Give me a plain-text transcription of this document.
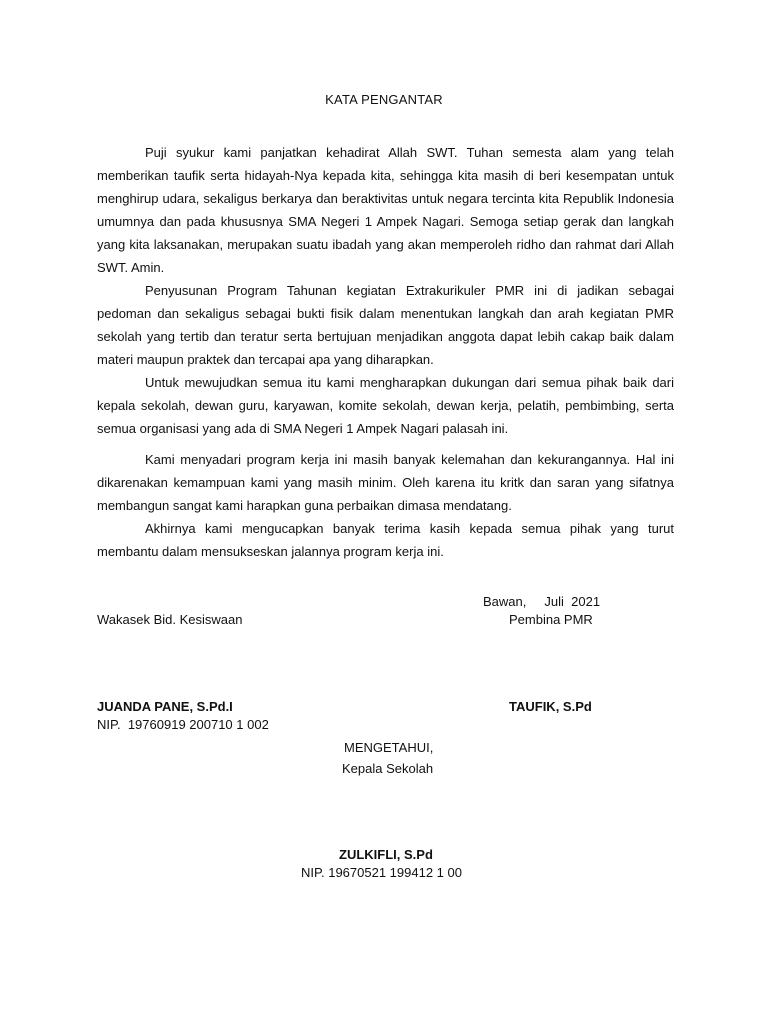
KATA PENGANTAR

Puji syukur kami panjatkan kehadirat Allah SWT. Tuhan semesta alam yang telah memberikan taufik serta hidayah-Nya kepada kita, sehingga kita masih di beri kesempatan untuk menghirup udara, sekaligus berkarya dan beraktivitas untuk negara tercinta kita Republik Indonesia umumnya dan pada khususnya SMA Negeri 1 Ampek Nagari. Semoga setiap gerak dan langkah yang kita laksanakan, merupakan suatu ibadah yang akan memperoleh ridho dan rahmat dari Allah SWT. Amin.

Penyusunan Program Tahunan kegiatan Extrakurikuler PMR ini di jadikan sebagai pedoman dan sekaligus sebagai bukti fisik dalam menentukan langkah dan arah kegiatan PMR sekolah yang tertib dan teratur serta bertujuan menjadikan anggota dapat lebih cakap baik dalam materi maupun praktek dan tercapai apa yang diharapkan.

Untuk mewujudkan semua itu kami mengharapkan dukungan dari semua pihak baik dari kepala sekolah, dewan guru, karyawan, komite sekolah, dewan kerja, pelatih, pembimbing, serta semua organisasi yang ada di SMA Negeri 1 Ampek Nagari palasah ini.

Kami menyadari program kerja ini masih banyak kelemahan dan kekurangannya. Hal ini dikarenakan kemampuan kami yang masih minim. Oleh karena itu kritk dan saran yang sifatnya membangun sangat kami harapkan guna perbaikan dimasa mendatang.

Akhirnya kami mengucapkan banyak terima kasih kepada semua pihak yang turut membantu dalam mensukseskan jalannya program kerja ini.

Bawan,     Juli  2021
Wakasek Bid. Kesiswaan	Pembina PMR
JUANDA PANE, S.Pd.I	TAUFIK, S.Pd
NIP.  19760919 200710 1 002
MENGETAHUI,
Kepala Sekolah
ZULKIFLI, S.Pd
NIP. 19670521 199412 1 00
